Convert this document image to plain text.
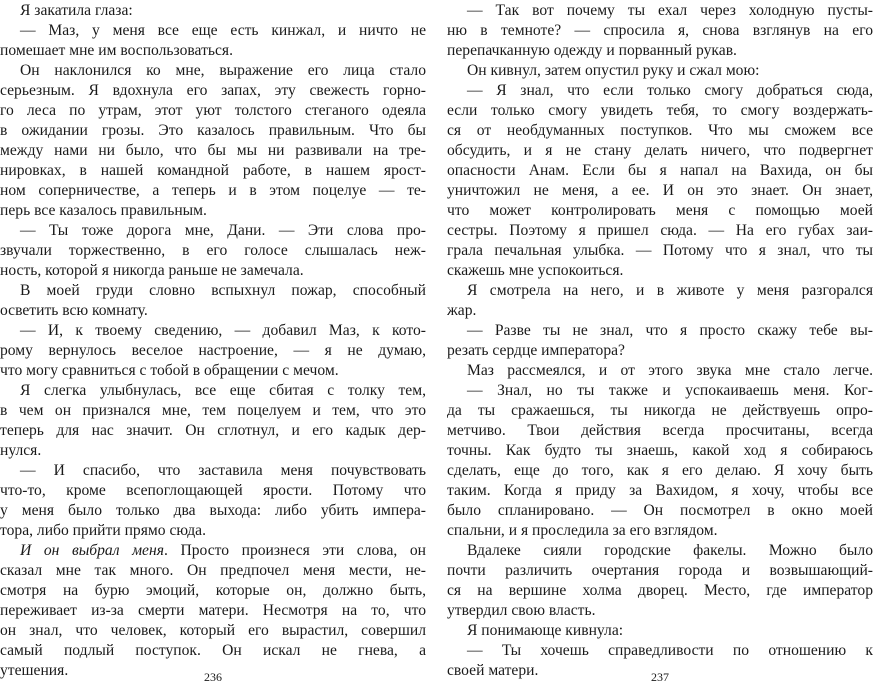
Я закатила глаза:
— Маз, у меня все еще есть кинжал, и ничто не
помешает мне им воспользоваться.
Он наклонился ко мне, выражение его лица стало
серьезным. Я вдохнула его запах, эту свежесть горно-
го леса по утрам, этот уют толстого стеганого одеяла
в ожидании грозы. Это казалось правильным. Что бы
между нами ни было, что бы мы ни развивали на тре-
нировках, в нашей командной работе, в нашем ярост-
ном соперничестве, а теперь и в этом поцелуе — те-
перь все казалось правильным.
— Ты тоже дорога мне, Дани. — Эти слова про-
звучали торжественно, в его голосе слышалась неж-
ность, которой я никогда раньше не замечала.
В моей груди словно вспыхнул пожар, способный
осветить всю комнату.
— И, к твоему сведению, — добавил Маз, к кото-
рому вернулось веселое настроение, — я не думаю,
что могу сравниться с тобой в обращении с мечом.
Я слегка улыбнулась, все еще сбитая с толку тем,
в чем он признался мне, тем поцелуем и тем, что это
теперь для нас значит. Он сглотнул, и его кадык дер-
нулся.
— И спасибо, что заставила меня почувствовать
что-то, кроме всепоглощающей ярости. Потому что
у меня было только два выхода: либо убить импера-
тора, либо прийти прямо сюда.
И он выбрал меня. Просто произнеся эти слова, он
сказал мне так много. Он предпочел меня мести, не-
смотря на бурю эмоций, которые он, должно быть,
переживает из-за смерти матери. Несмотря на то, что
он знал, что человек, который его вырастил, совершил
самый подлый поступок. Он искал не гнева, а
утешения.	236
— Так вот почему ты ехал через холодную пусты-
ню в темноте? — спросила я, снова взглянув на его
перепачканную одежду и порванный рукав.
Он кивнул, затем опустил руку и сжал мою:
— Я знал, что если только смогу добраться сюда,
если только смогу увидеть тебя, то смогу воздержать-
ся от необдуманных поступков. Что мы сможем все
обсудить, и я не стану делать ничего, что подвергнет
опасности Анам. Если бы я напал на Вахида, он бы
уничтожил не меня, а ее. И он это знает. Он знает,
что может контролировать меня с помощью моей
сестры. Поэтому я пришел сюда. — На его губах заи-
грала печальная улыбка. — Потому что я знал, что ты
скажешь мне успокоиться.
Я смотрела на него, и в животе у меня разгорался
жар.
— Разве ты не знал, что я просто скажу тебе вы-
резать сердце императора?
Маз рассмеялся, и от этого звука мне стало легче.
— Знал, но ты также и успокаиваешь меня. Ког-
да ты сражаешься, ты никогда не действуешь опро-
метчиво. Твои действия всегда просчитаны, всегда
точны. Как будто ты знаешь, какой ход я собираюсь
сделать, еще до того, как я его делаю. Я хочу быть
таким. Когда я приду за Вахидом, я хочу, чтобы все
было спланировано. — Он посмотрел в окно моей
спальни, и я проследила за его взглядом.
Вдалеке сияли городские факелы. Можно было
почти различить очертания города и возвышающий-
ся на вершине холма дворец. Место, где император
утвердил свою власть.
Я понимающе кивнула:
— Ты хочешь справедливости по отношению к
своей матери.	237
